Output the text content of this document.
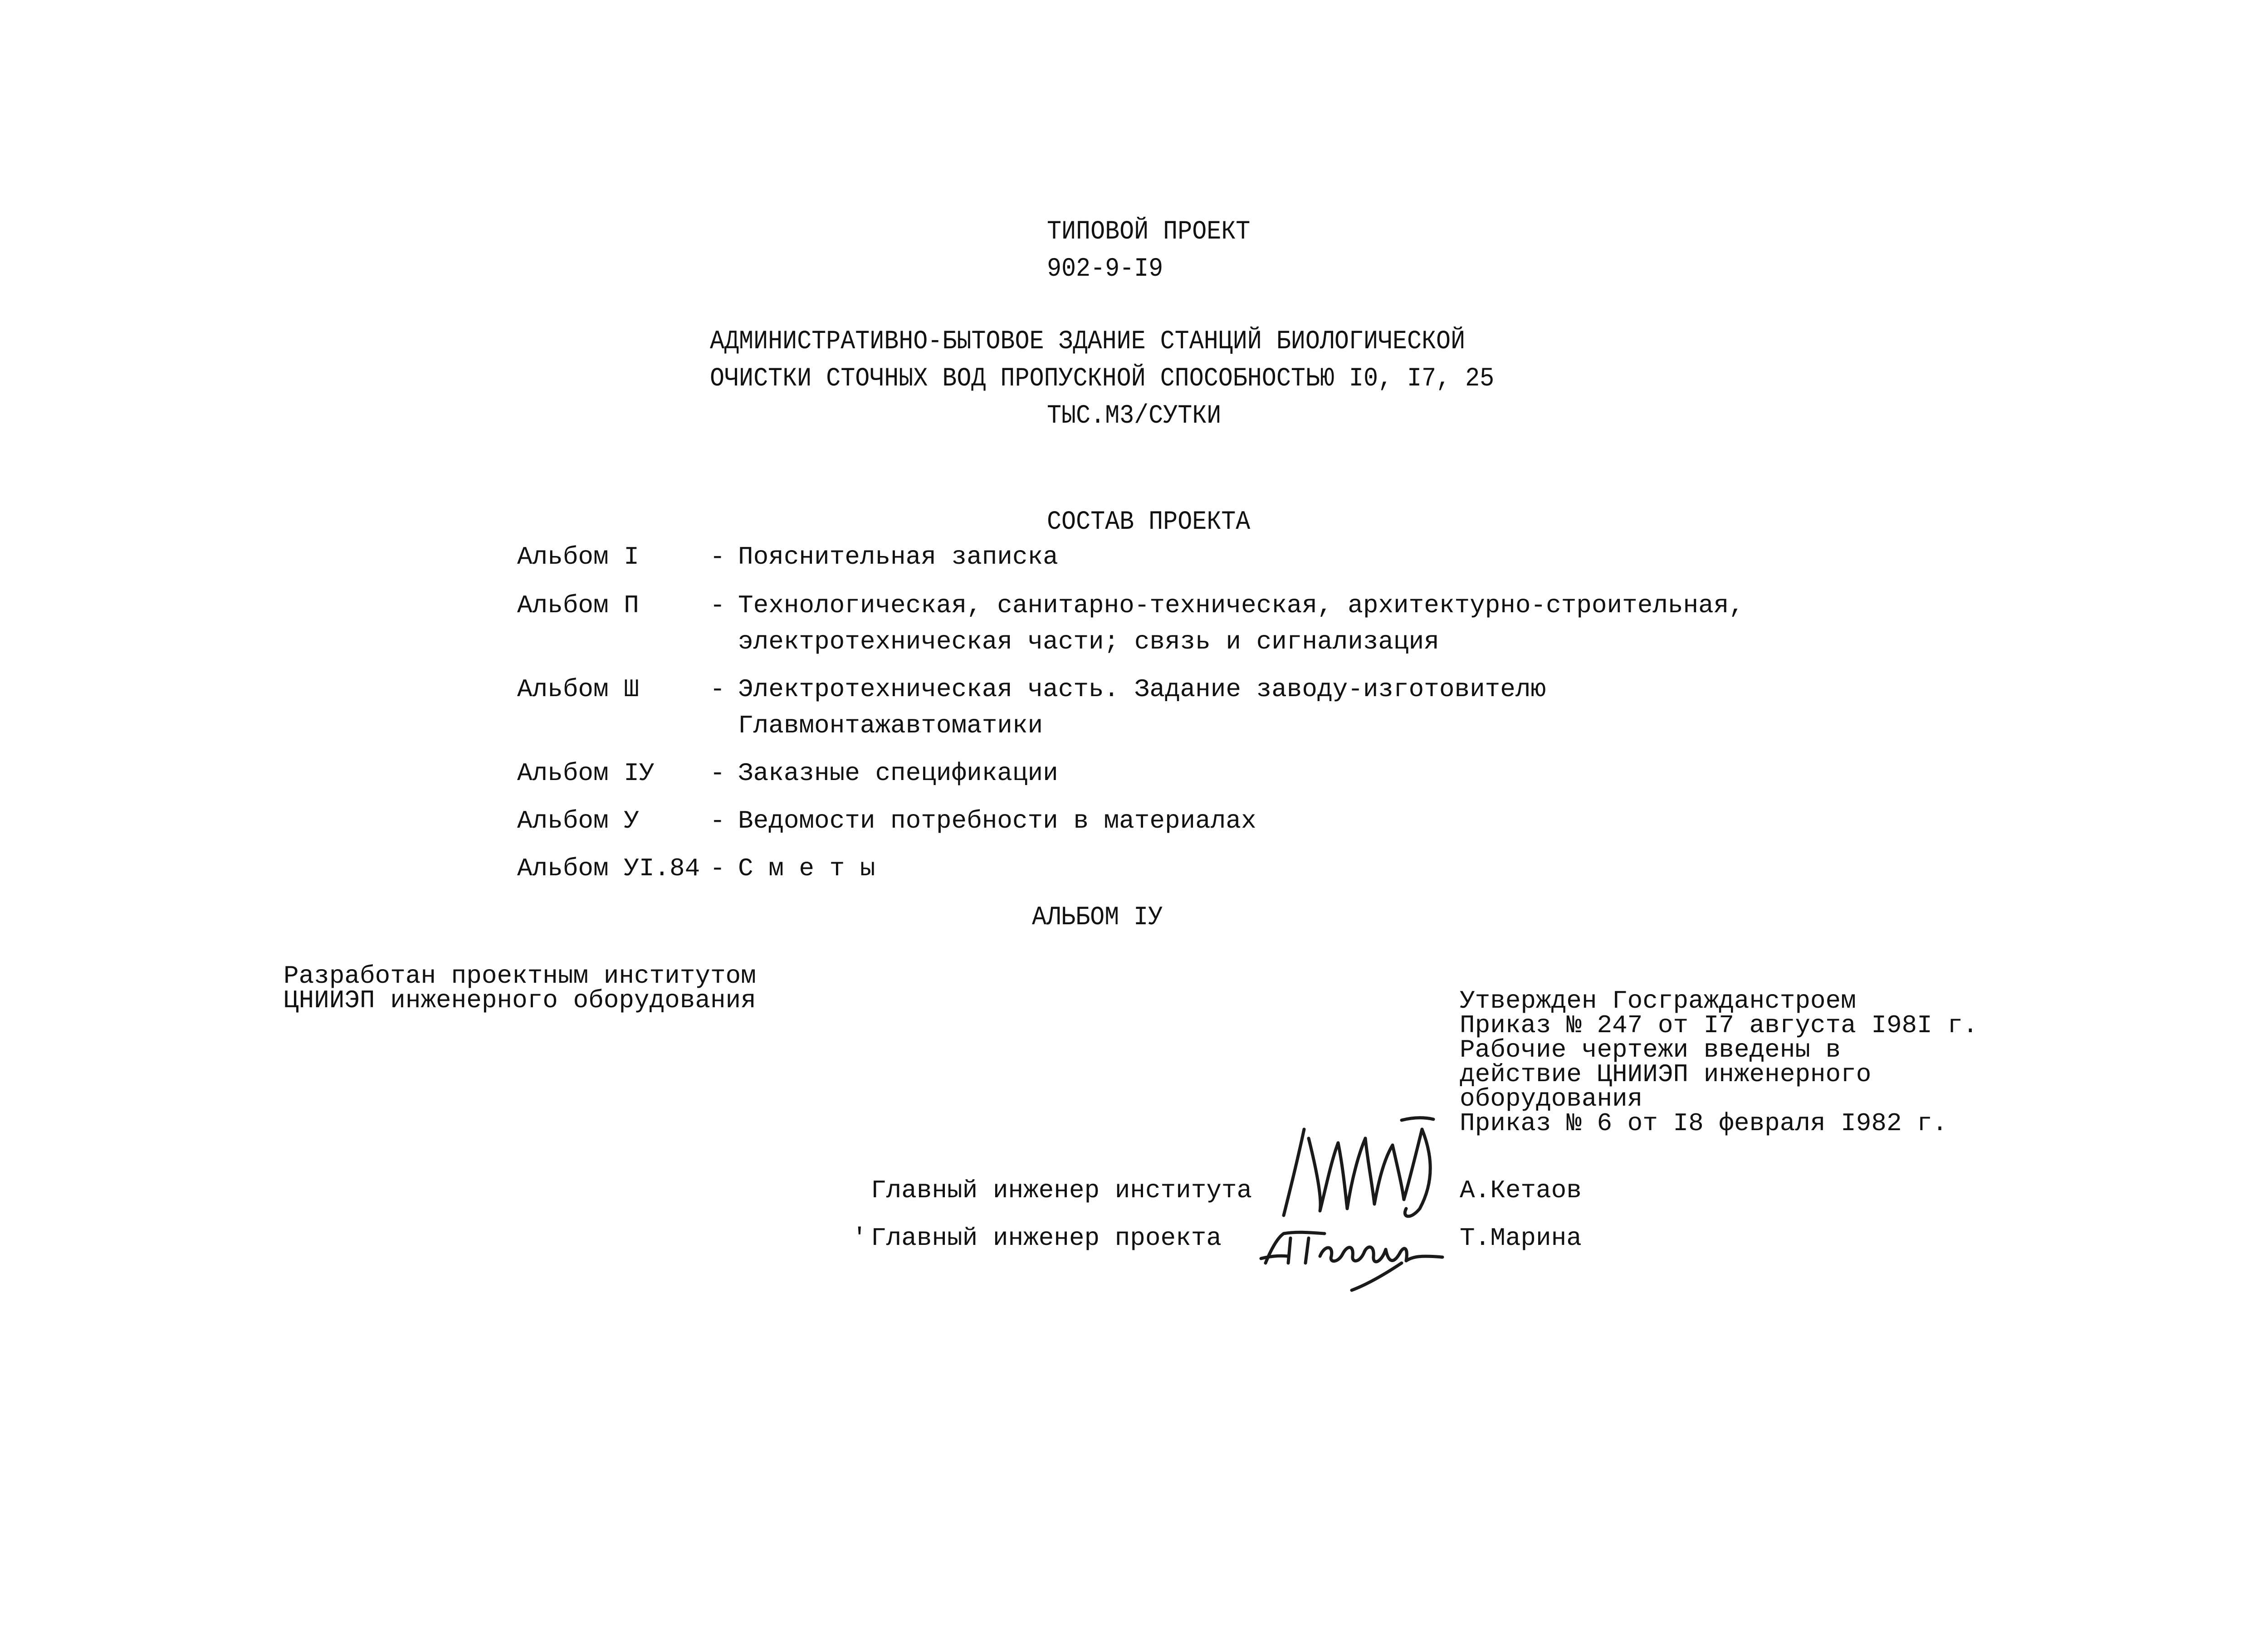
ТИПОВОЙ ПРОЕКТ
902-9-I9
АДМИНИСТРАТИВНО-БЫТОВОЕ ЗДАНИЕ СТАНЦИЙ БИОЛОГИЧЕСКОЙ
ОЧИСТКИ СТОЧНЫХ ВОД ПРОПУСКНОЙ СПОСОБНОСТЬЮ I0, I7, 25
ТЫС.М3/СУТКИ
СОСТАВ ПРОЕКТА
Альбом I	- Пояснительная записка
Альбом П	- Технологическая, санитарно-техническая, архитектурно-строительная,
электротехническая части; связь и сигнализация
Альбом Ш	- Электротехническая часть. Задание заводу-изготовителю
Главмонтажавтоматики
Альбом IУ - Заказные спецификации
Альбом У	- Ведомости потребности в материалах
Альбом УI.84 - С м е т ы
АЛЬБОМ IУ
Разработан проектным институтом
ЦНИИЭП инженерного оборудования	Утвержден Госгражданстроем
Приказ № 247 от I7 августа I98I г.
Рабочие чертежи введены в
действие ЦНИИЭП инженерного
оборудования
Приказ № 6 от I8 февраля I982 г.
Главный инженер института	А.Кетаов
' Главный инженер проекта	Т.Марина
